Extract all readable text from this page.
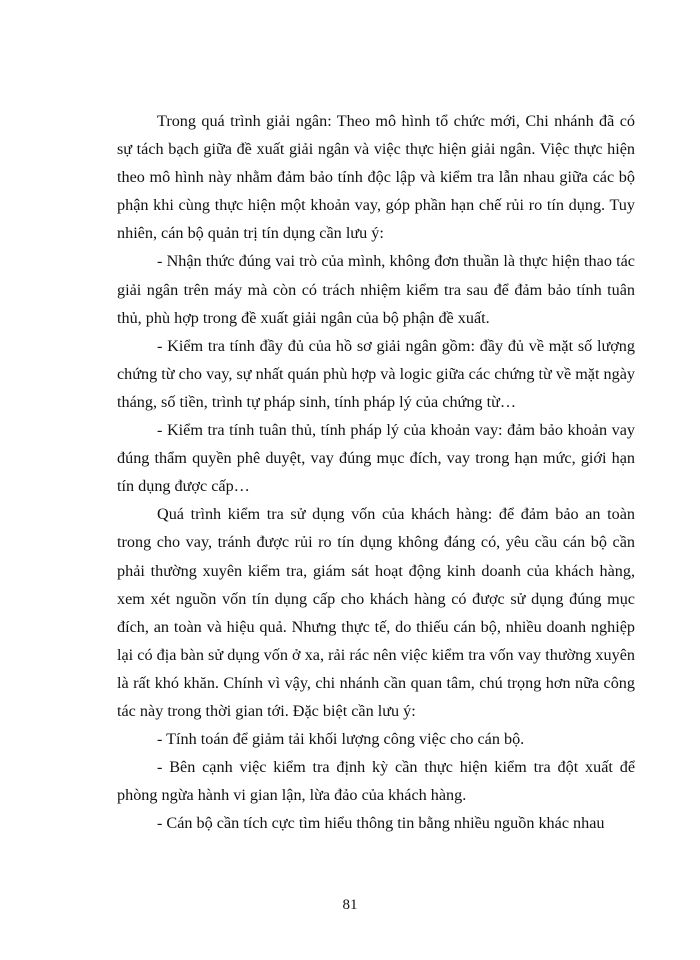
Trong quá trình giải ngân: Theo mô hình tổ chức mới, Chi nhánh đã có sự tách bạch giữa đề xuất giải ngân và việc thực hiện giải ngân. Việc thực hiện theo mô hình này nhằm đảm bảo tính độc lập và kiểm tra lẫn nhau giữa các bộ phận khi cùng thực hiện một khoản vay, góp phần hạn chế rủi ro tín dụng. Tuy nhiên, cán bộ quản trị tín dụng cần lưu ý:

- Nhận thức đúng vai trò của mình, không đơn thuần là thực hiện thao tác giải ngân trên máy mà còn có trách nhiệm kiểm tra sau để đảm bảo tính tuân thủ, phù hợp trong đề xuất giải ngân của bộ phận đề xuất.

- Kiểm tra tính đầy đủ của hồ sơ giải ngân gồm: đầy đủ về mặt số lượng chứng từ cho vay, sự nhất quán phù hợp và logic giữa các chứng từ về mặt ngày tháng, số tiền, trình tự pháp sinh, tính pháp lý của chứng từ…

- Kiểm tra tính tuân thủ, tính pháp lý của khoản vay: đảm bảo khoản vay đúng thẩm quyền phê duyệt, vay đúng mục đích, vay trong hạn mức, giới hạn tín dụng được cấp…

Quá trình kiểm tra sử dụng vốn của khách hàng: để đảm bảo an toàn trong cho vay, tránh được rủi ro tín dụng không đáng có, yêu cầu cán bộ cần phải thường xuyên kiểm tra, giám sát hoạt động kinh doanh của khách hàng, xem xét nguồn vốn tín dụng cấp cho khách hàng có được sử dụng đúng mục đích, an toàn và hiệu quả. Nhưng thực tế, do thiếu cán bộ, nhiều doanh nghiệp lại có địa bàn sử dụng vốn ở xa, rải rác nên việc kiểm tra vốn vay thường xuyên là rất khó khăn. Chính vì vậy, chi nhánh cần quan tâm, chú trọng hơn nữa công tác này trong thời gian tới. Đặc biệt cần lưu ý:

- Tính toán để giảm tải khối lượng công việc cho cán bộ.

- Bên cạnh việc kiểm tra định kỳ cần thực hiện kiểm tra đột xuất để phòng ngừa hành vi gian lận, lừa đảo của khách hàng.

- Cán bộ cần tích cực tìm hiểu thông tin bằng nhiều nguồn khác nhau

81
